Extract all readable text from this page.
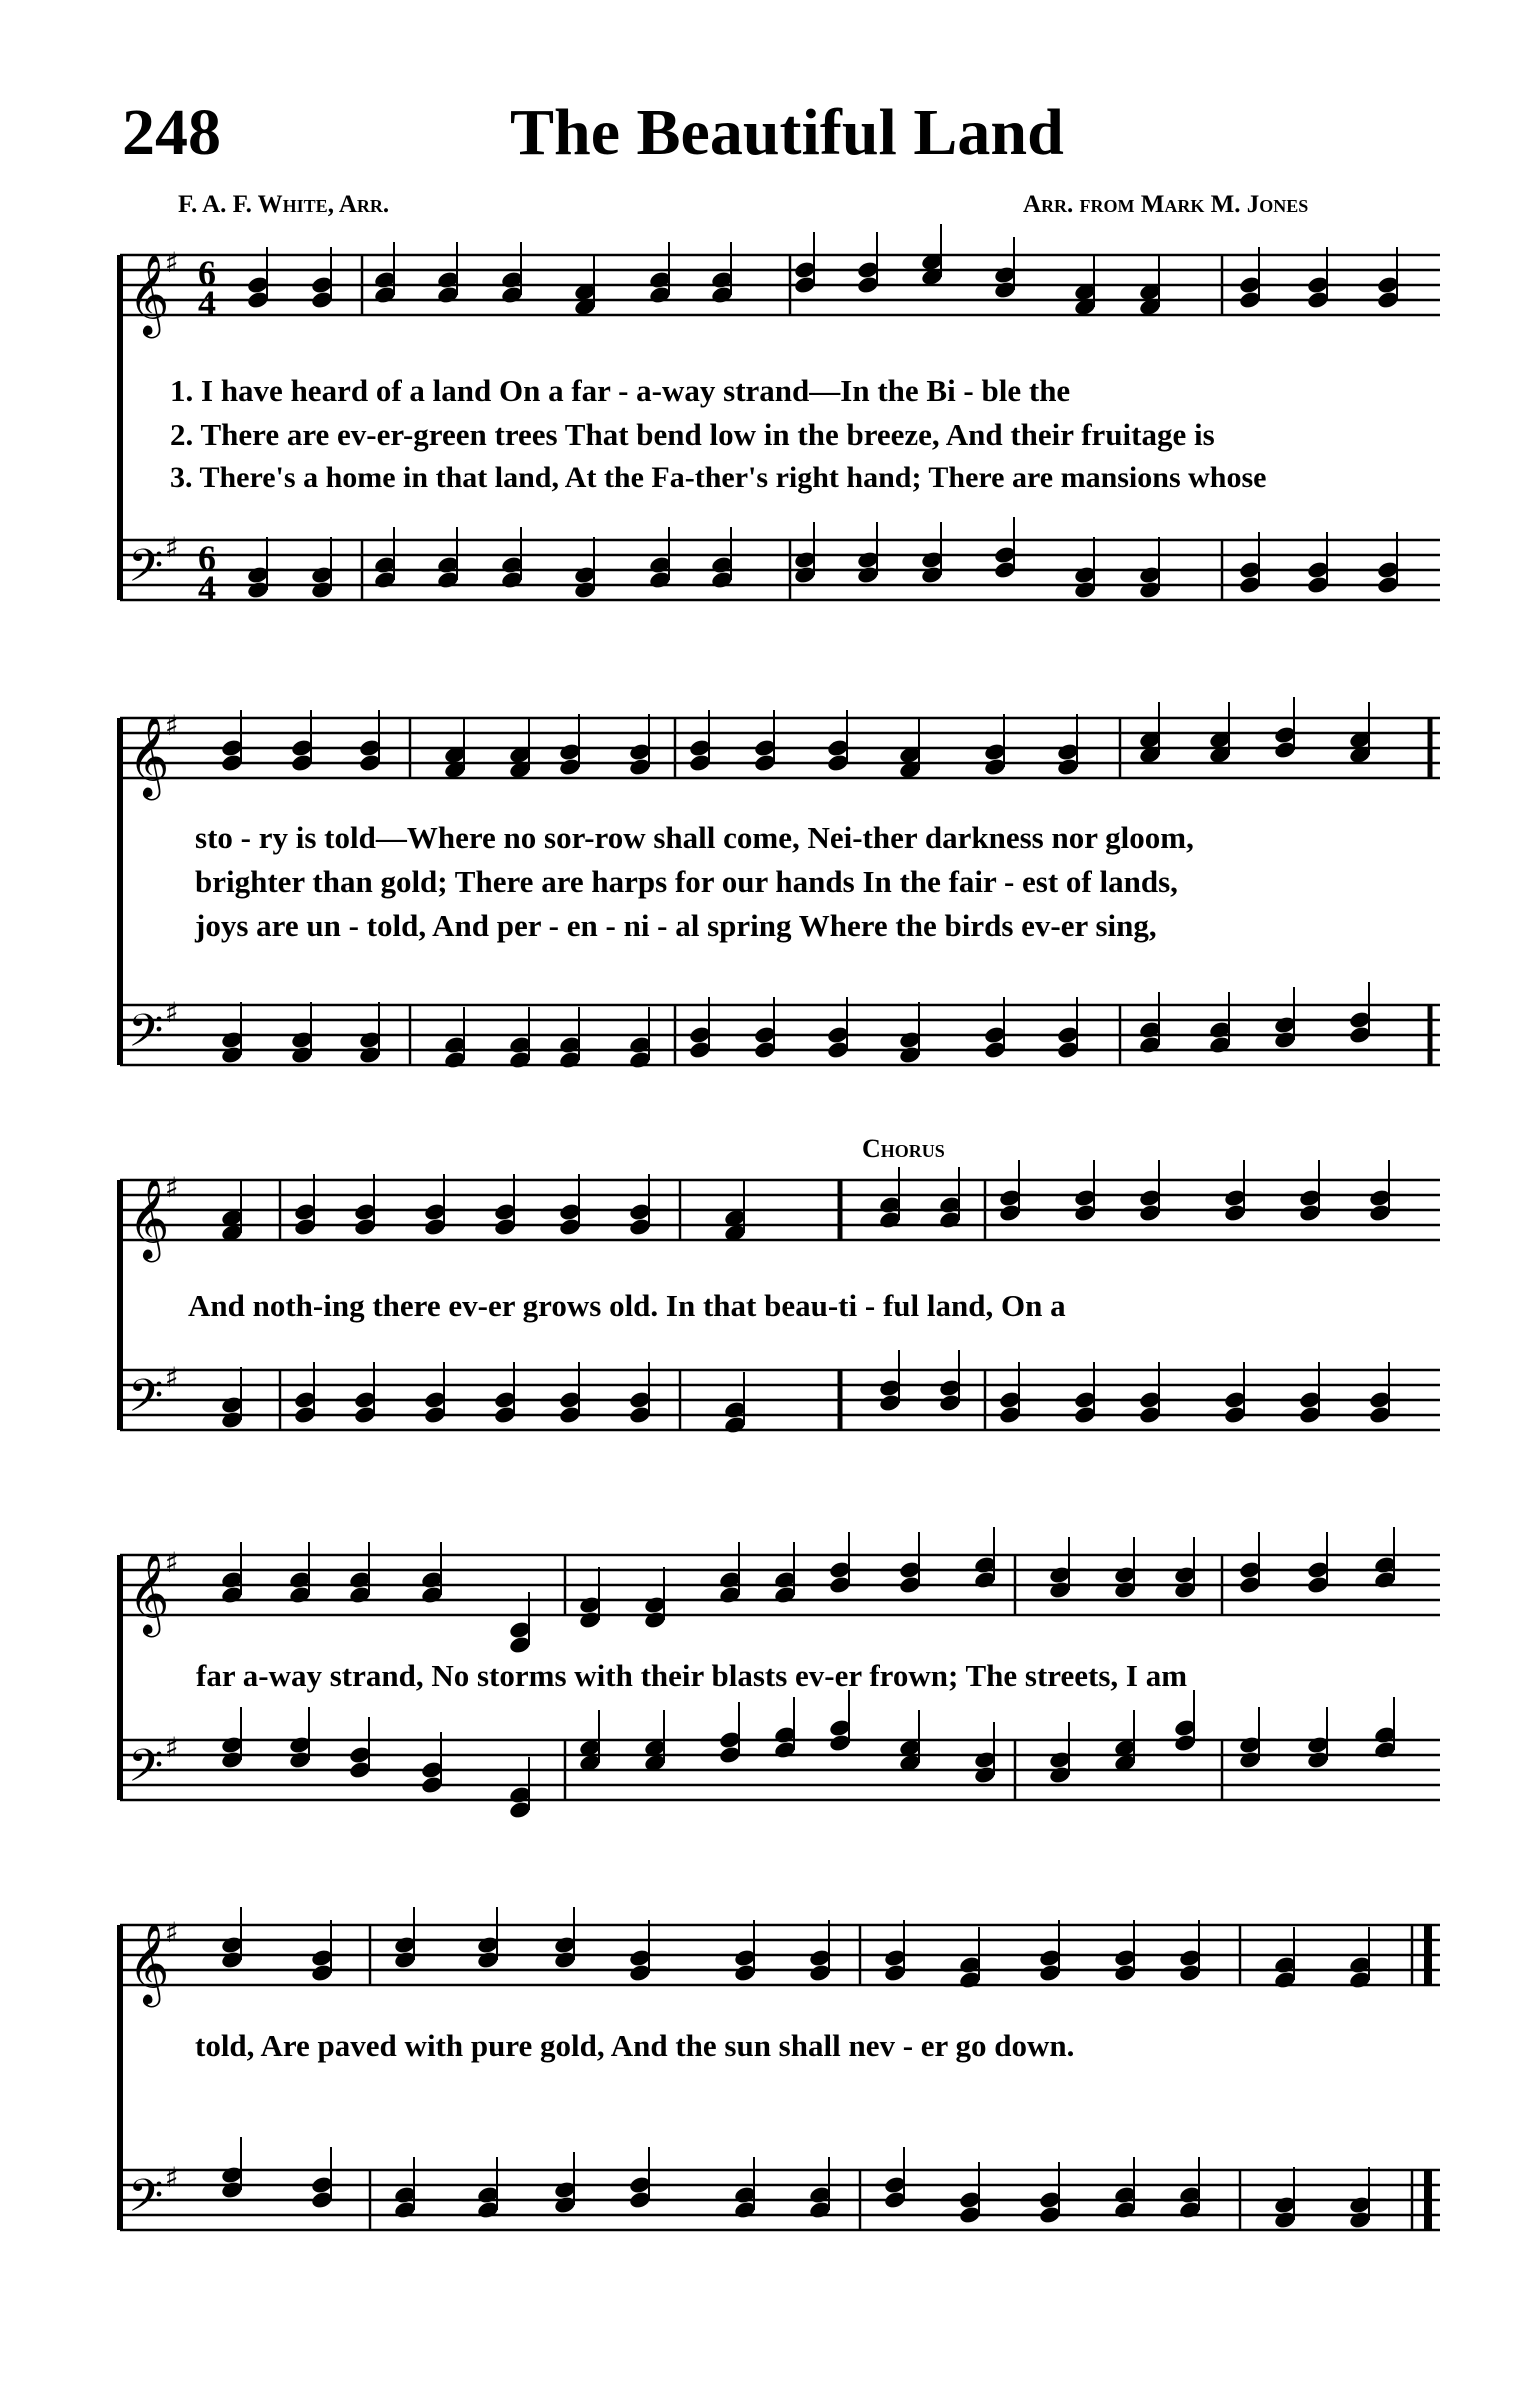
248	The Beautiful Land
F. A. F. White, Arr.	Arr. from Mark M. Jones
𝄞
𝄢
♯
♯
6
4
6
4
1. I have heard of a land On a far - a-way strand—In the Bi - ble the
2. There are ev-er-green trees That bend low in the breeze, And their fruitage is
3. There's a home in that land, At the Fa-ther's right hand; There are mansions whose
𝄞
𝄢
♯
♯
sto - ry is told—Where no sor-row shall come, Nei-ther darkness nor gloom,
brighter than gold; There are harps for our hands In the fair - est of lands,
joys are un - told, And per - en - ni - al spring Where the birds ev-er sing,
Chorus
𝄞
𝄢
♯
♯
And noth-ing there ev-er grows old. In that beau-ti - ful land, On a
𝄞
𝄢
♯
♯
far a-way strand, No storms with their blasts ev-er frown; The streets, I am
𝄞
𝄢
♯
♯
told, Are paved with pure gold, And the sun shall nev - er go down.
